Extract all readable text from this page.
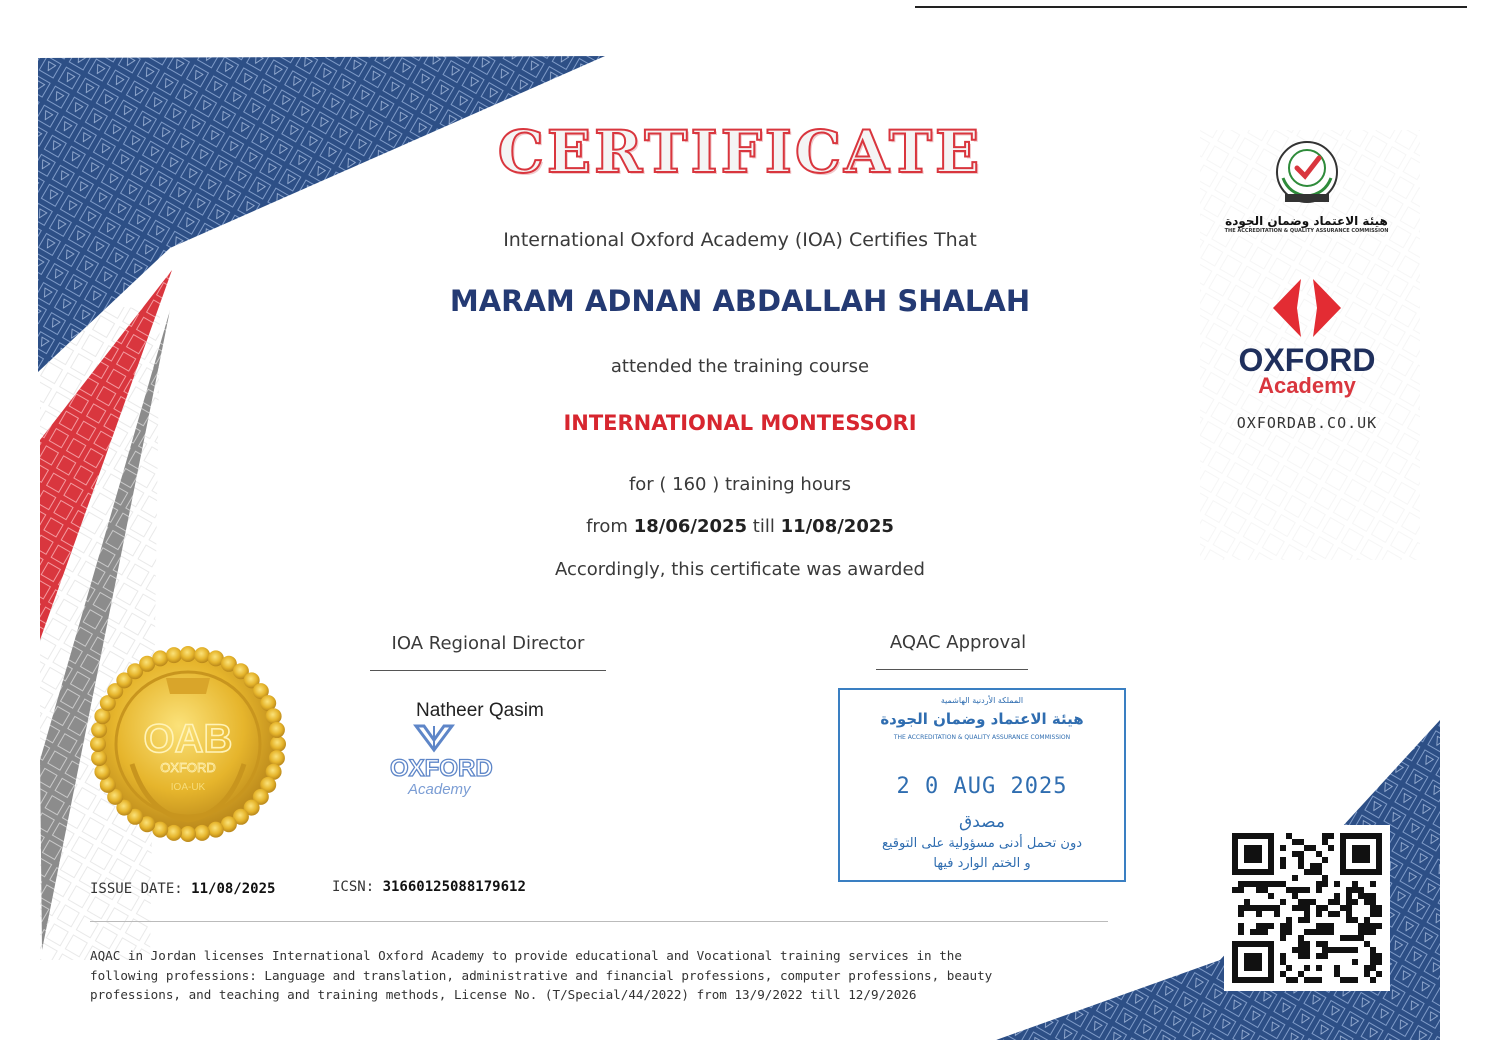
CERTIFICATE
International Oxford Academy (IOA) Certifies That
MARAM ADNAN ABDALLAH SHALAH
attended the training course
INTERNATIONAL MONTESSORI
for ( 160 ) training hours
from 18/06/2025 till 11/08/2025
Accordingly, this certificate was awarded
هيئة الاعتماد وضمان الجودة
THE ACCREDITATION & QUALITY ASSURANCE COMMISSION
OXFORD
Academy
OXFORDAB.CO.UK
OAB
OXFORD
IOA-UK
IOA Regional Director
OXFORD
Academy
Natheer Qasim
AQAC Approval
المملكة الأردنية الهاشمية
هيئة الاعتماد وضمان الجودة
THE ACCREDITATION & QUALITY ASSURANCE COMMISSION
2 0 AUG 2025
مصدق
دون تحمل أدنى مسؤولية على التوقيع
و الختم الوارد فيها
ISSUE DATE: 11/08/2025	ICSN: 31660125088179612
AQAC in Jordan licenses International Oxford Academy to provide educational and Vocational training services in the
following professions: Language and translation, administrative and financial professions, computer professions, beauty
professions, and teaching and training methods, License No. (T/Special/44/2022) from 13/9/2022 till 12/9/2026
